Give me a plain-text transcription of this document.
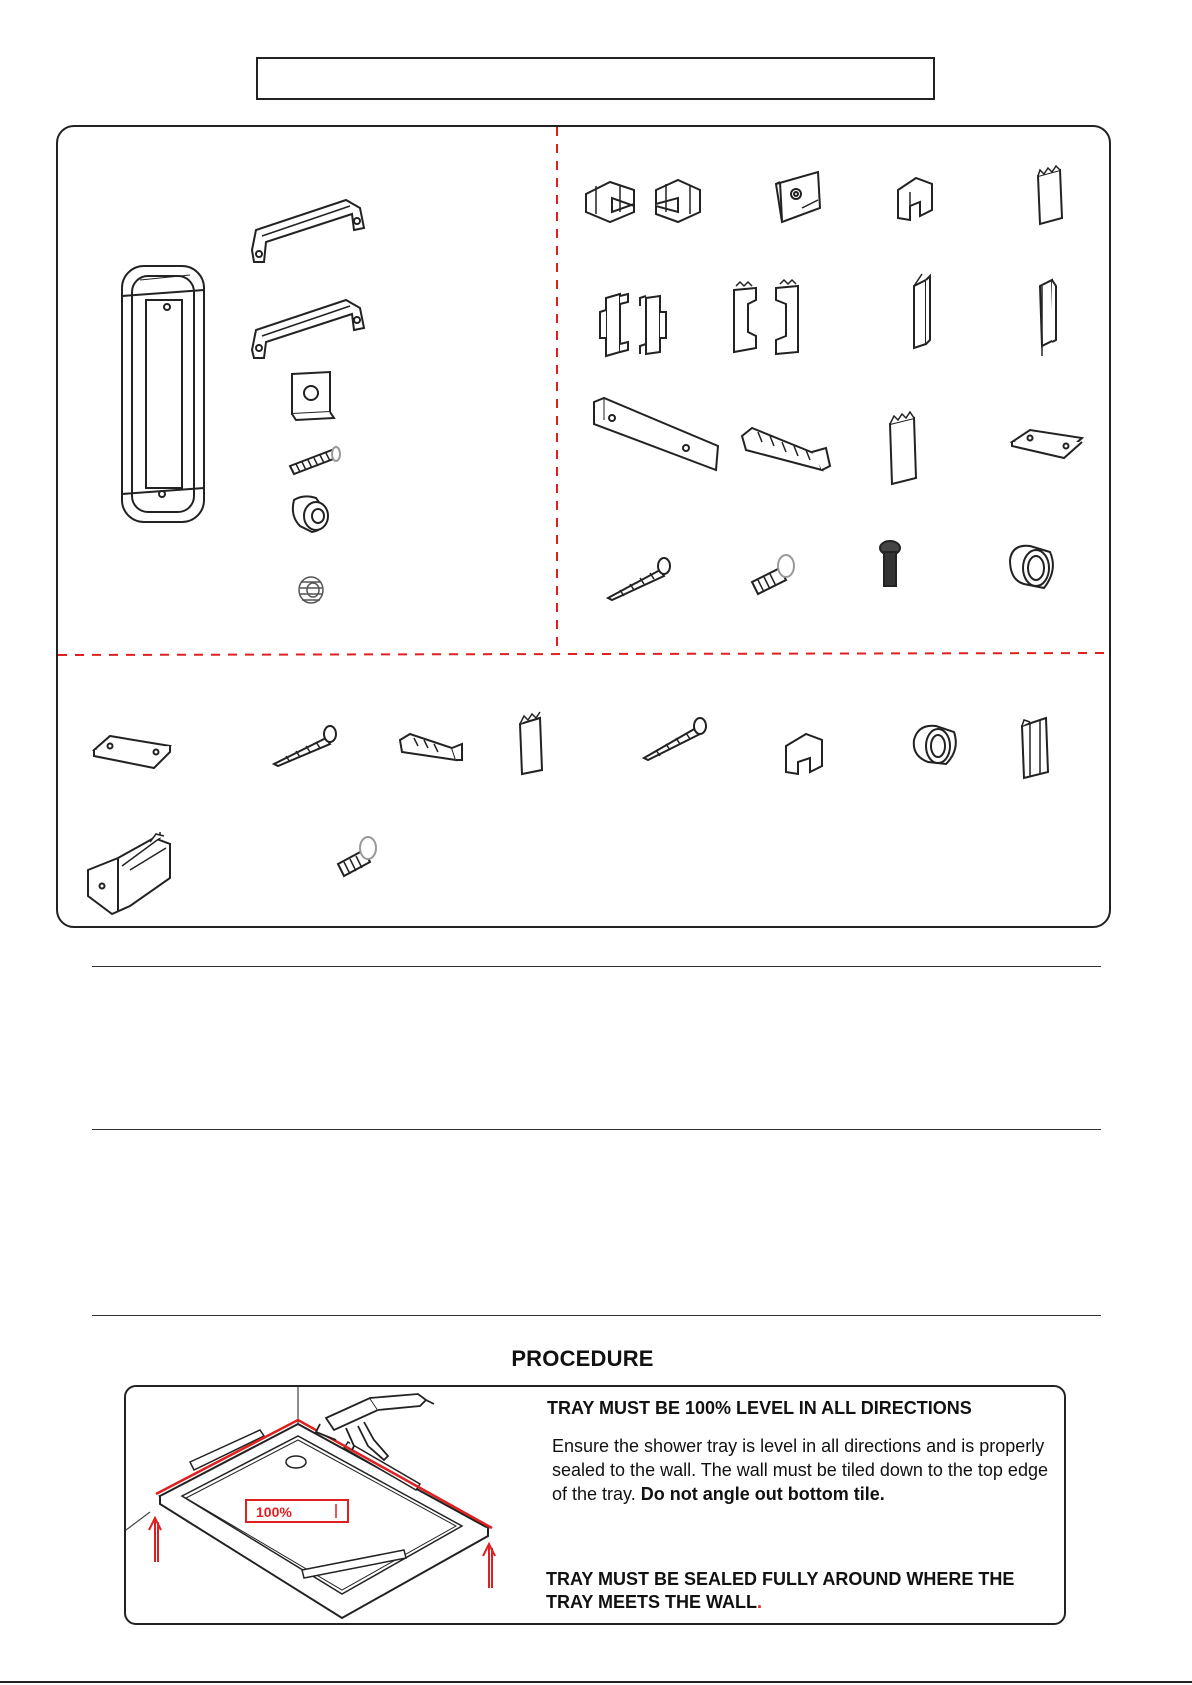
100%
PROCEDURE
TRAY MUST BE 100% LEVEL IN ALL DIRECTIONS
Ensure the shower tray is level in all directions and is properly sealed to the wall. The wall must be tiled down to the top edge of the tray. Do not angle out bottom tile.
TRAY MUST BE SEALED FULLY AROUND WHERE THE TRAY MEETS THE WALL.
